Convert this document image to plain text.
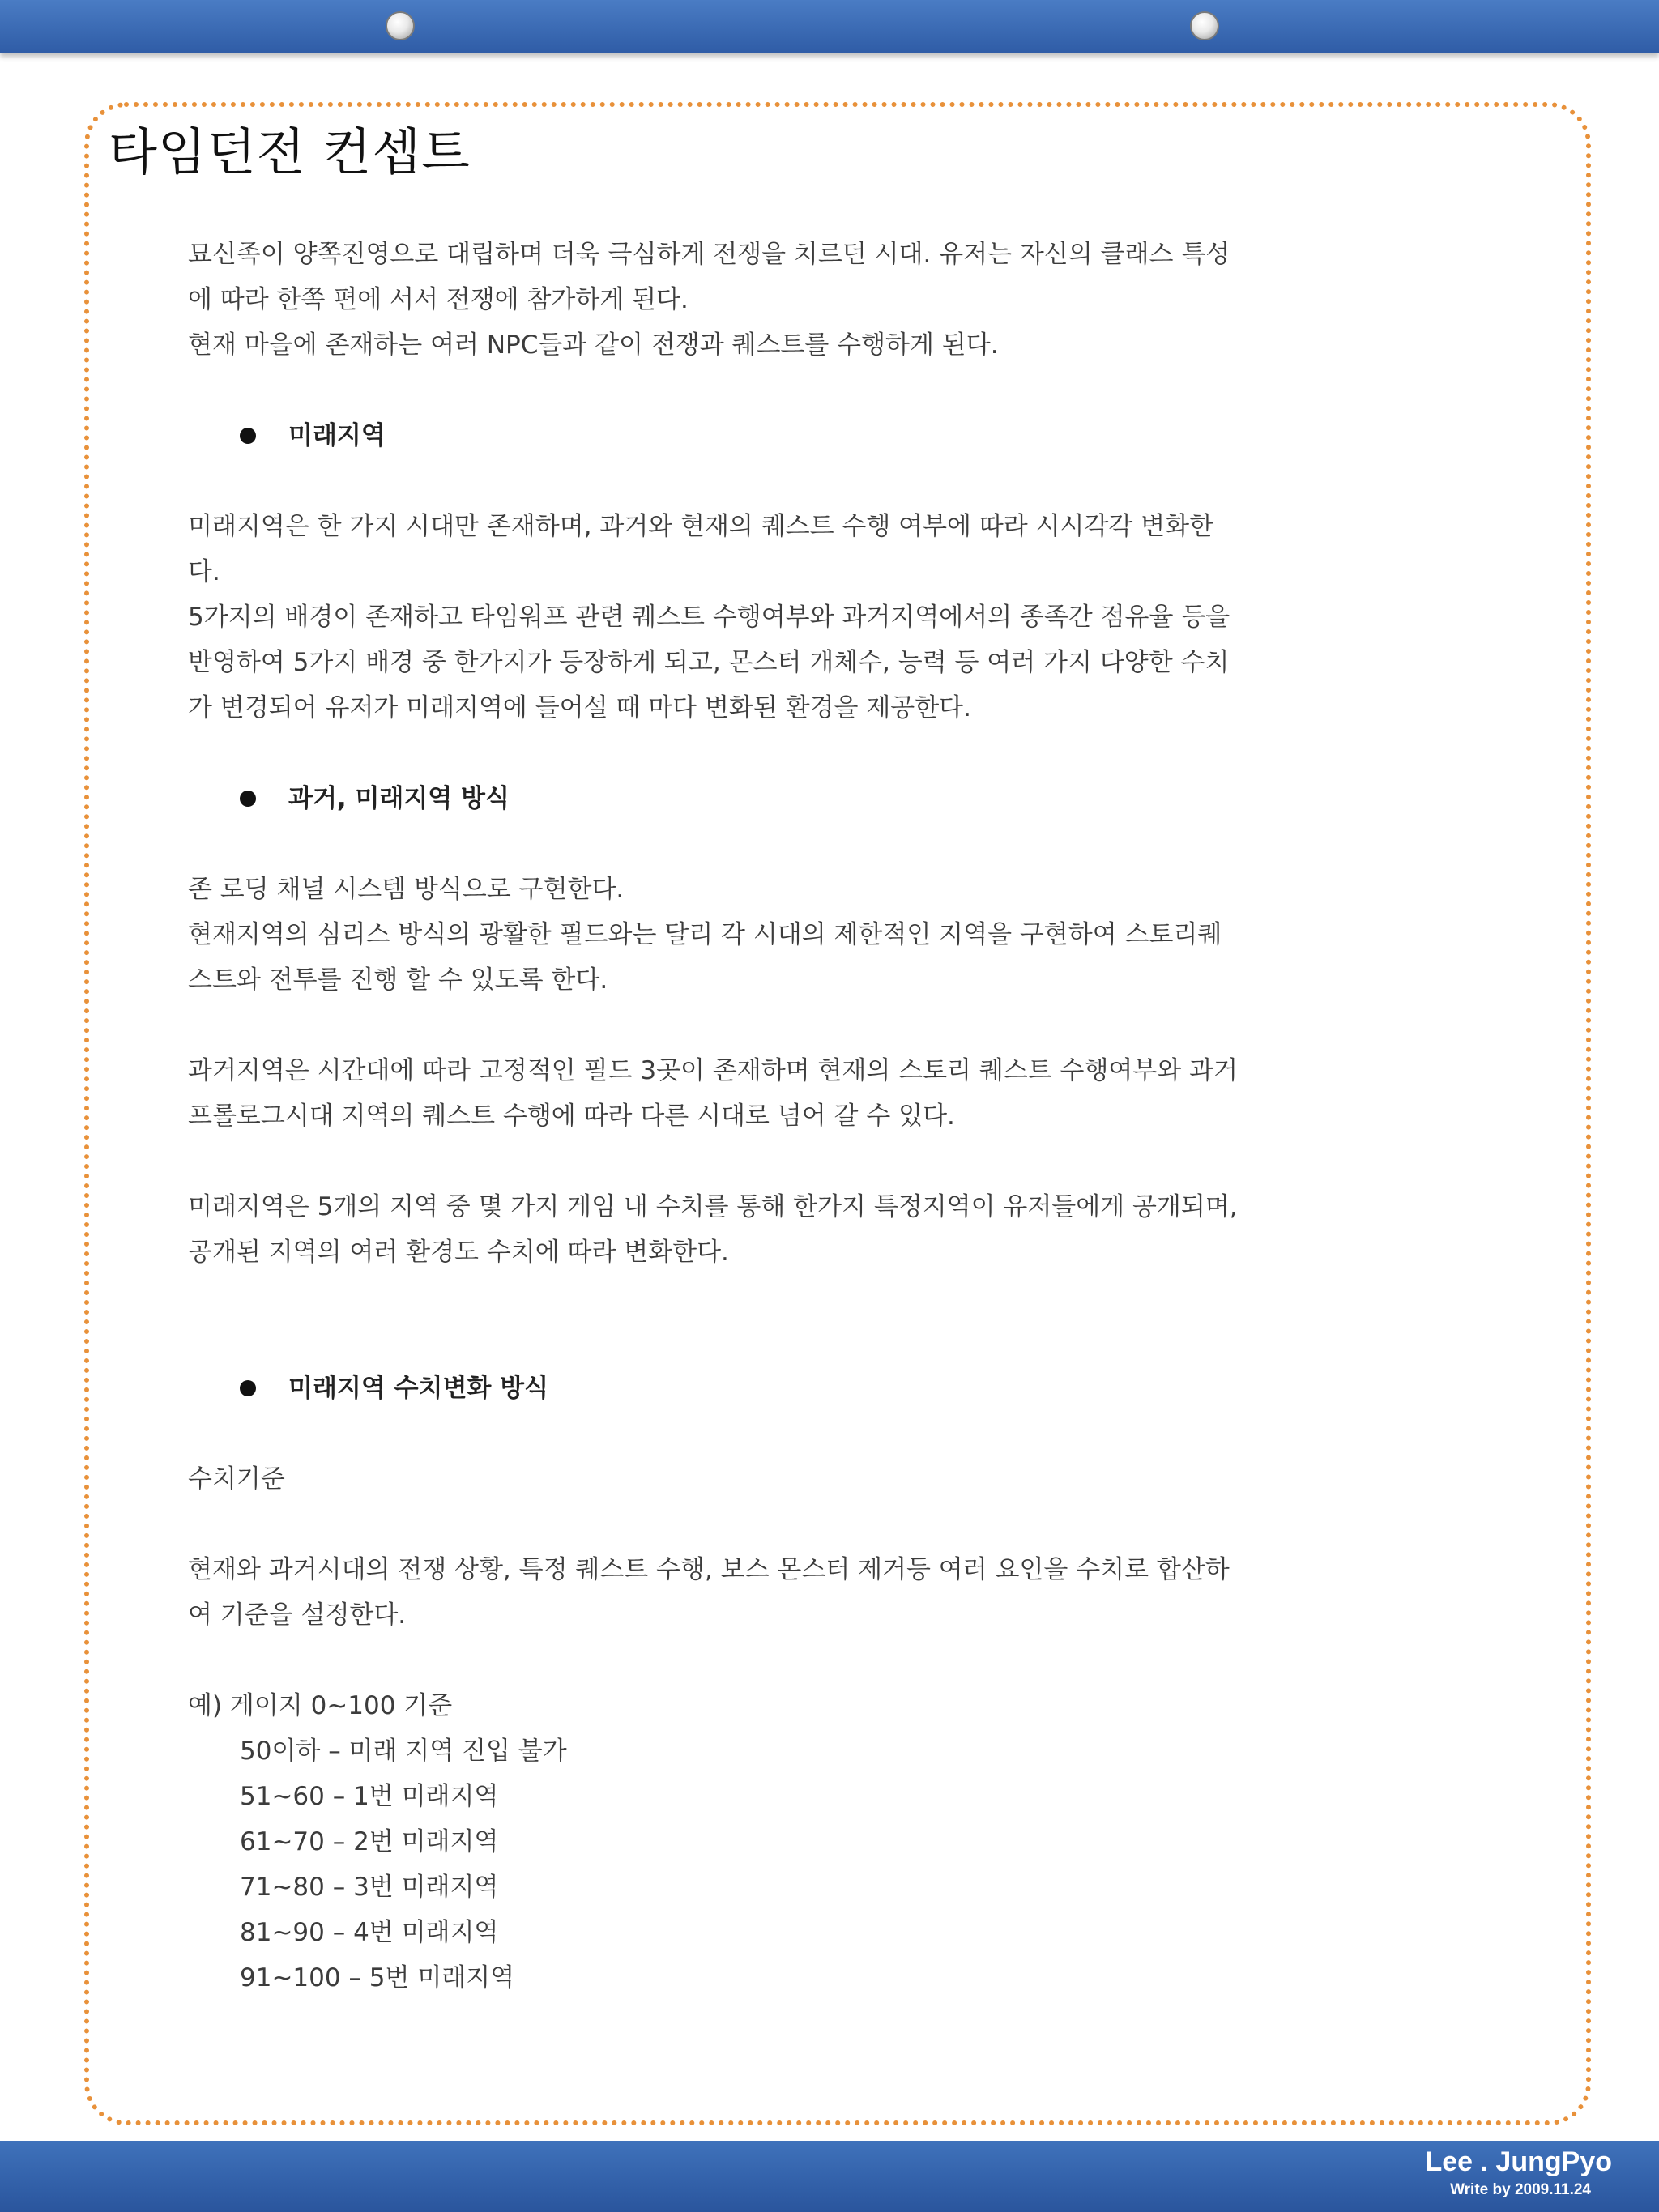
타임던전 컨셉트

묘신족이 양쪽진영으로 대립하며 더욱 극심하게 전쟁을 치르던 시대. 유저는 자신의 클래스 특성

에 따라 한쪽 편에 서서 전쟁에 참가하게 된다.

현재 마을에 존재하는 여러 NPC들과 같이 전쟁과 퀘스트를 수행하게 된다.

미래지역

미래지역은 한 가지 시대만 존재하며, 과거와 현재의 퀘스트 수행 여부에 따라 시시각각 변화한

다.

5가지의 배경이 존재하고 타임워프 관련 퀘스트 수행여부와 과거지역에서의 종족간 점유율 등을

반영하여 5가지 배경 중 한가지가 등장하게 되고, 몬스터 개체수, 능력 등 여러 가지 다양한 수치

가 변경되어 유저가 미래지역에 들어설 때 마다 변화된 환경을 제공한다.

과거, 미래지역 방식

존 로딩 채널 시스템 방식으로 구현한다.

현재지역의 심리스 방식의 광활한 필드와는 달리 각 시대의 제한적인 지역을 구현하여 스토리퀘

스트와 전투를 진행 할 수 있도록 한다.

과거지역은 시간대에 따라 고정적인 필드 3곳이 존재하며 현재의 스토리 퀘스트 수행여부와 과거

프롤로그시대 지역의 퀘스트 수행에 따라 다른 시대로 넘어 갈 수 있다.

미래지역은 5개의 지역 중 몇 가지 게임 내 수치를 통해 한가지 특정지역이 유저들에게 공개되며,

공개된 지역의 여러 환경도 수치에 따라 변화한다.

미래지역 수치변화 방식

수치기준

현재와 과거시대의 전쟁 상황, 특정 퀘스트 수행, 보스 몬스터 제거등 여러 요인을 수치로 합산하

여 기준을 설정한다.

예) 게이지 0~100 기준

50이하 – 미래 지역 진입 불가

51~60 – 1번 미래지역

61~70 – 2번 미래지역

71~80 – 3번 미래지역

81~90 – 4번 미래지역

91~100 – 5번 미래지역

Lee . JungPyo
Write by 2009.11.24
